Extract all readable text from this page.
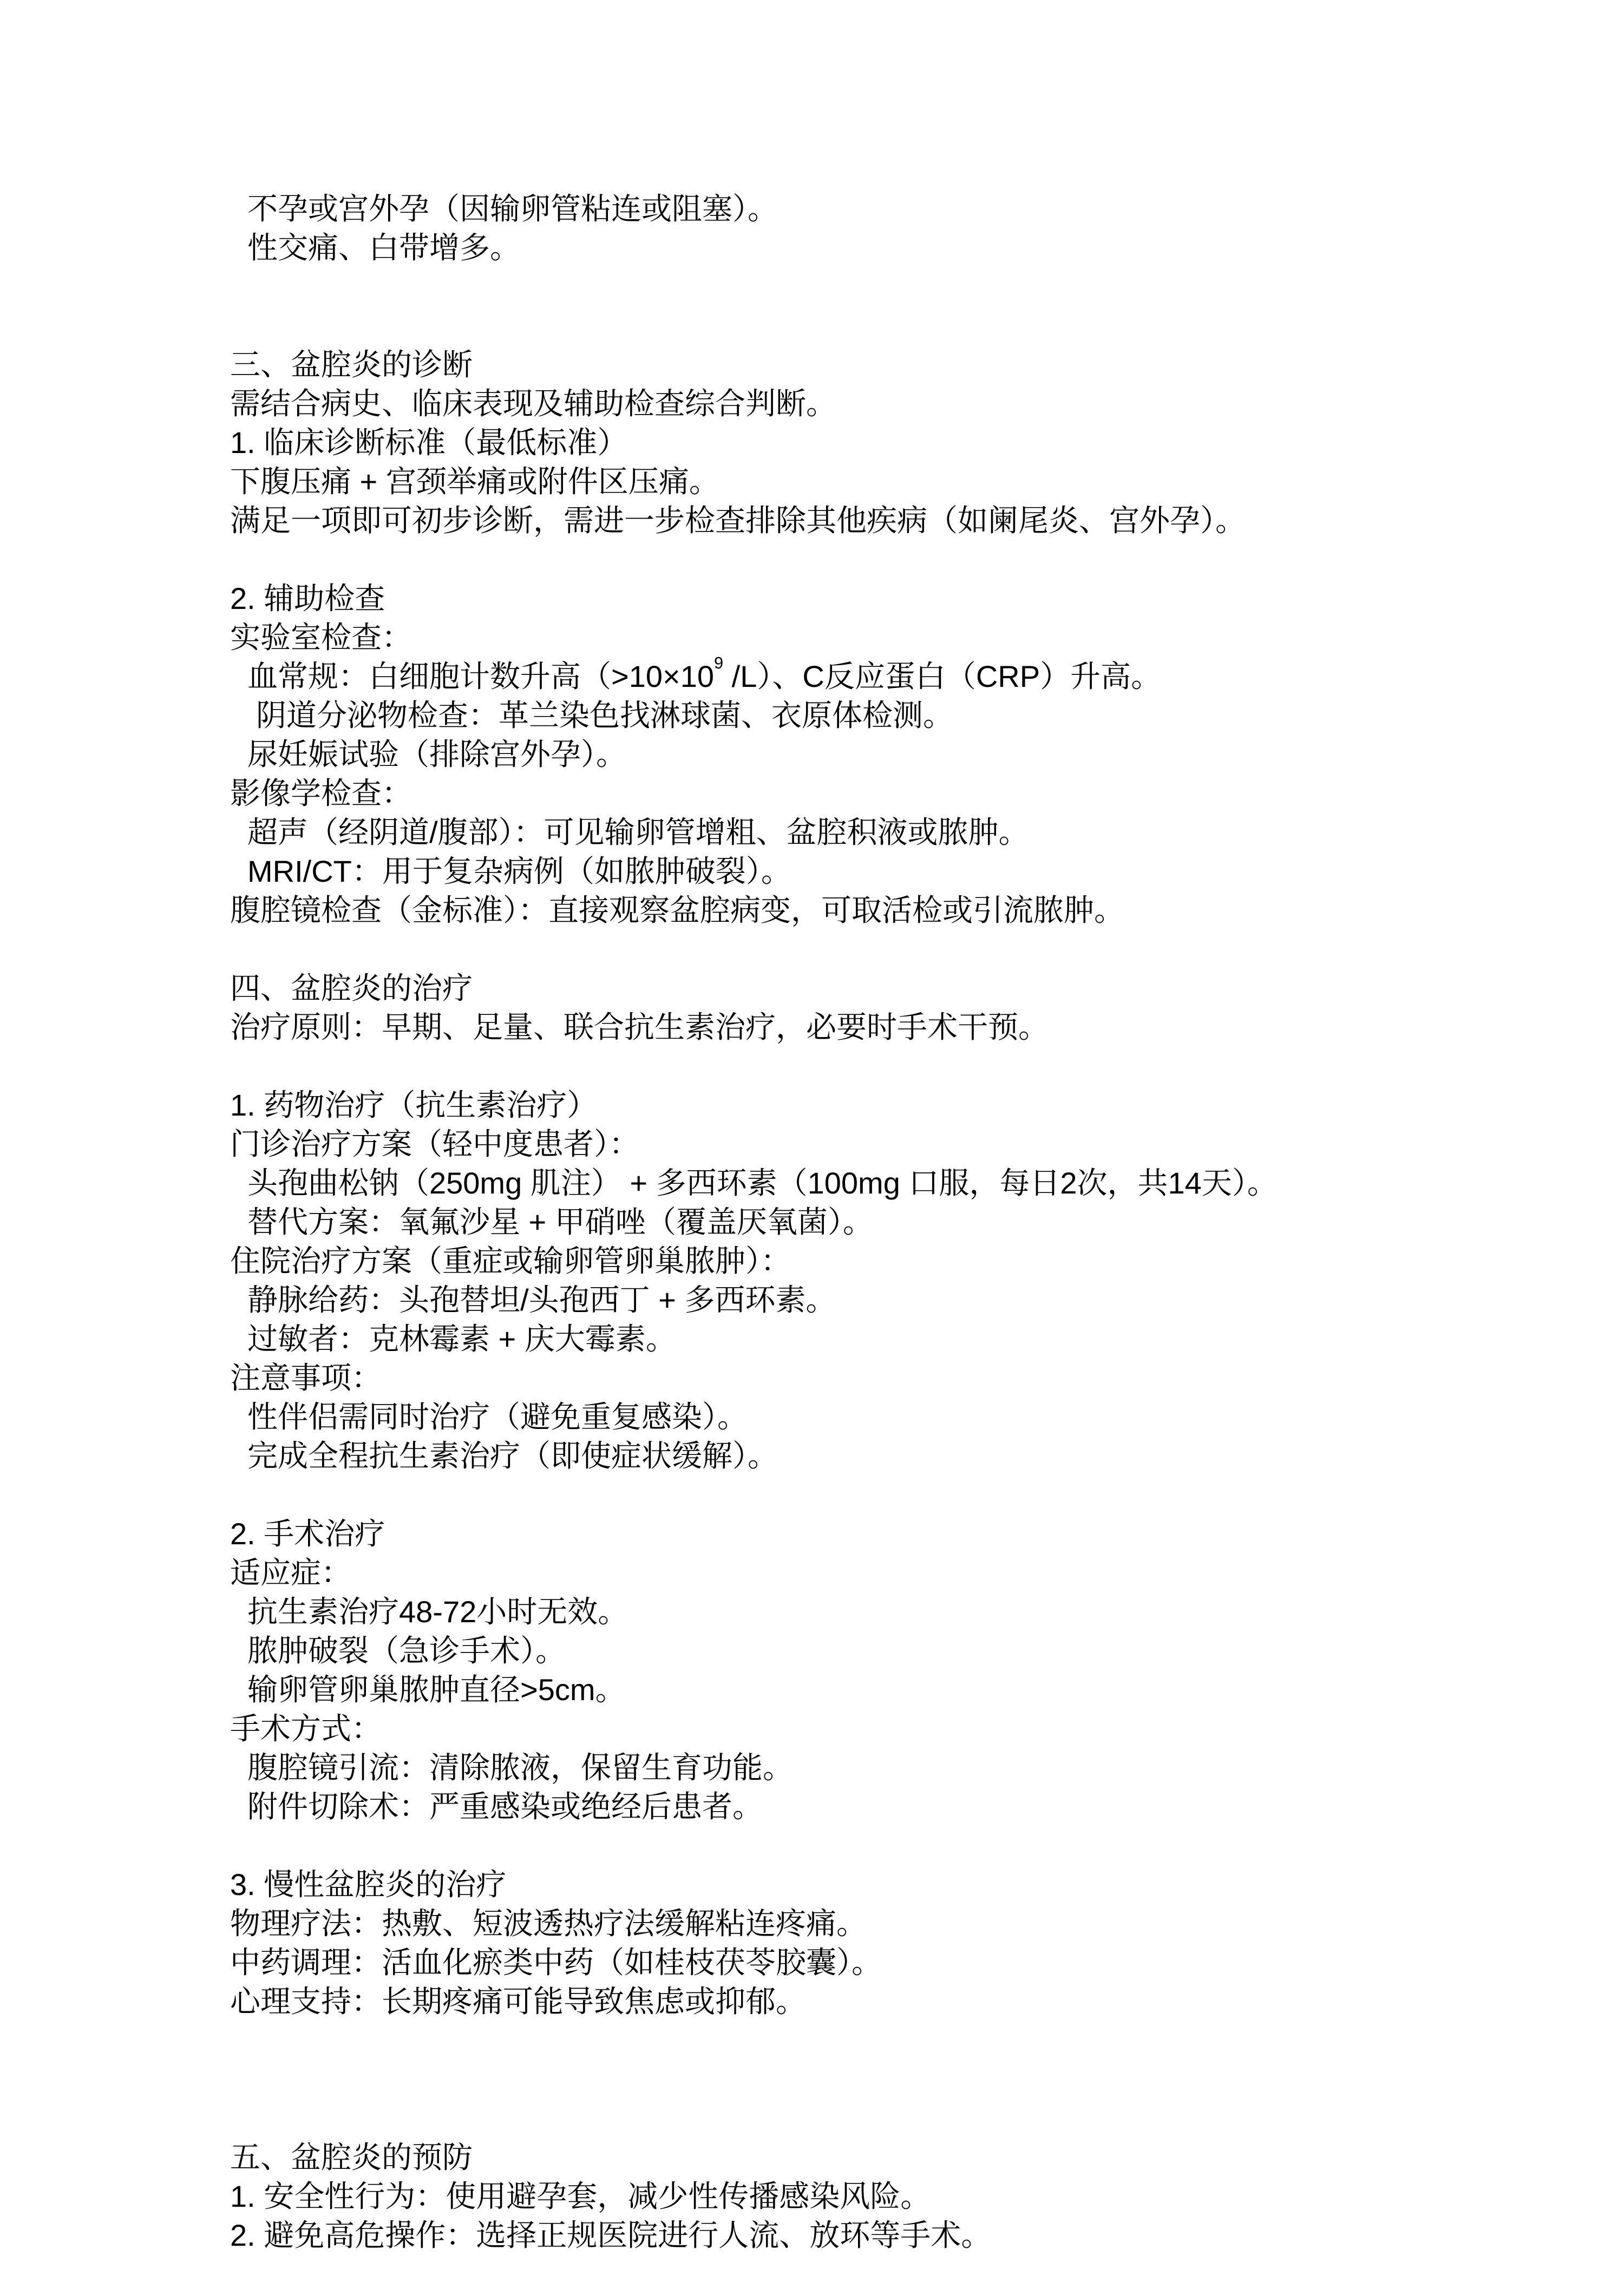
不孕或宫外孕（因输卵管粘连或阻塞）。
性交痛、白带增多。

三、盆腔炎的诊断
需结合病史、临床表现及辅助检查综合判断。
1. 临床诊断标准（最低标准）
下腹压痛 + 宫颈举痛或附件区压痛。
满足一项即可初步诊断，需进一步检查排除其他疾病（如阑尾炎、宫外孕）。

2. 辅助检查
实验室检查：
血常规：白细胞计数升高（$>10\times 10^9$ /L）、C反应蛋白（CRP）升高。
阴道分泌物检查：革兰染色找淋球菌、衣原体检测。
尿妊娠试验（排除宫外孕）。
影像学检查：
超声（经阴道/腹部）：可见输卵管增粗、盆腔积液或脓肿。
MRI/CT：用于复杂病例（如脓肿破裂）。
腹腔镜检查（金标准）：直接观察盆腔病变，可取活检或引流脓肿。

四、盆腔炎的治疗
治疗原则：早期、足量、联合抗生素治疗，必要时手术干预。

1. 药物治疗（抗生素治疗）
门诊治疗方案（轻中度患者）：
头孢曲松钠（250mg 肌注） + 多西环素（100mg 口服，每日2次，共14天）。
替代方案：氧氟沙星 + 甲硝唑（覆盖厌氧菌）。
住院治疗方案（重症或输卵管卵巢脓肿）：
静脉给药：头孢替坦/头孢西丁 + 多西环素。
过敏者：克林霉素 + 庆大霉素。
注意事项：
性伴侣需同时治疗（避免重复感染）。
完成全程抗生素治疗（即使症状缓解）。

2. 手术治疗
适应症：
抗生素治疗48-72小时无效。
脓肿破裂（急诊手术）。
输卵管卵巢脓肿直径>5cm。
手术方式：
腹腔镜引流：清除脓液，保留生育功能。
附件切除术：严重感染或绝经后患者。

3. 慢性盆腔炎的治疗
物理疗法：热敷、短波透热疗法缓解粘连疼痛。
中药调理：活血化瘀类中药（如桂枝茯苓胶囊）。
心理支持：长期疼痛可能导致焦虑或抑郁。

五、盆腔炎的预防
1. 安全性行为：使用避孕套，减少性传播感染风险。
2. 避免高危操作：选择正规医院进行人流、放环等手术。
